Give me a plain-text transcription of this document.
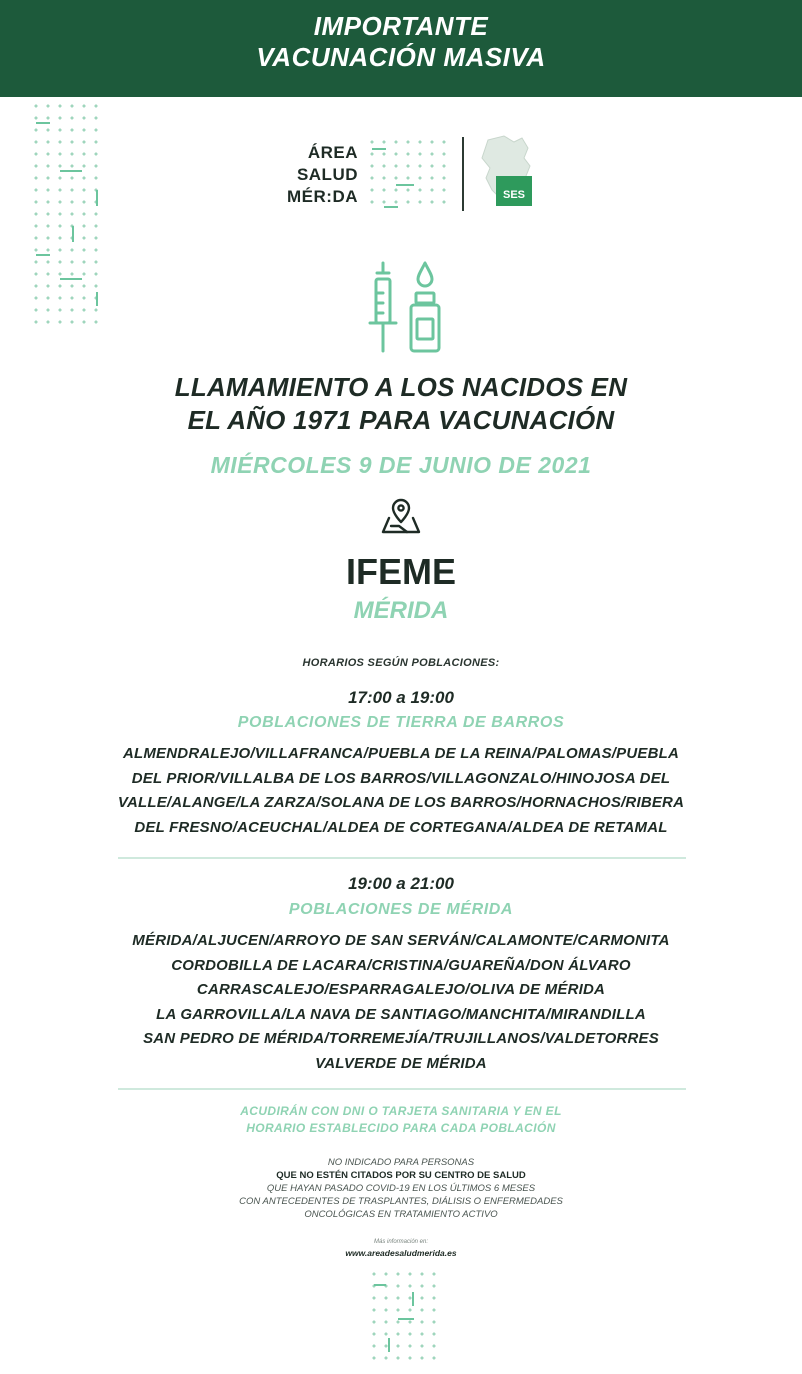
IMPORTANTE
VACUNACIÓN MASIVA
ÁREA
SALUD
MÉR:DA	SES
LLAMAMIENTO A LOS NACIDOS EN
EL AÑO 1971 PARA VACUNACIÓN
MIÉRCOLES 9 DE JUNIO DE 2021
IFEME
MÉRIDA
HORARIOS SEGÚN POBLACIONES:
17:00 a 19:00
POBLACIONES DE TIERRA DE BARROS
ALMENDRALEJO/VILLAFRANCA/PUEBLA DE LA REINA/PALOMAS/PUEBLA
DEL PRIOR/VILLALBA DE LOS BARROS/VILLAGONZALO/HINOJOSA DEL
VALLE/ALANGE/LA ZARZA/SOLANA DE LOS BARROS/HORNACHOS/RIBERA
DEL FRESNO/ACEUCHAL/ALDEA DE CORTEGANA/ALDEA DE RETAMAL
19:00 a 21:00
POBLACIONES DE MÉRIDA
MÉRIDA/ALJUCEN/ARROYO DE SAN SERVÁN/CALAMONTE/CARMONITA
CORDOBILLA DE LACARA/CRISTINA/GUAREÑA/DON ÁLVARO
CARRASCALEJO/ESPARRAGALEJO/OLIVA DE MÉRIDA
LA GARROVILLA/LA NAVA DE SANTIAGO/MANCHITA/MIRANDILLA
SAN PEDRO DE MÉRIDA/TORREMEJÍA/TRUJILLANOS/VALDETORRES
VALVERDE DE MÉRIDA
ACUDIRÁN CON DNI O TARJETA SANITARIA Y EN EL
HORARIO ESTABLECIDO PARA CADA POBLACIÓN
NO INDICADO PARA PERSONAS
QUE NO ESTÉN CITADOS POR SU CENTRO DE SALUD
QUE HAYAN PASADO COVID-19 EN LOS ÚLTIMOS 6 MESES
CON ANTECEDENTES DE TRASPLANTES, DIÁLISIS O ENFERMEDADES
ONCOLÓGICAS EN TRATAMIENTO ACTIVO
Más información en:
www.areadesaludmerida.es
